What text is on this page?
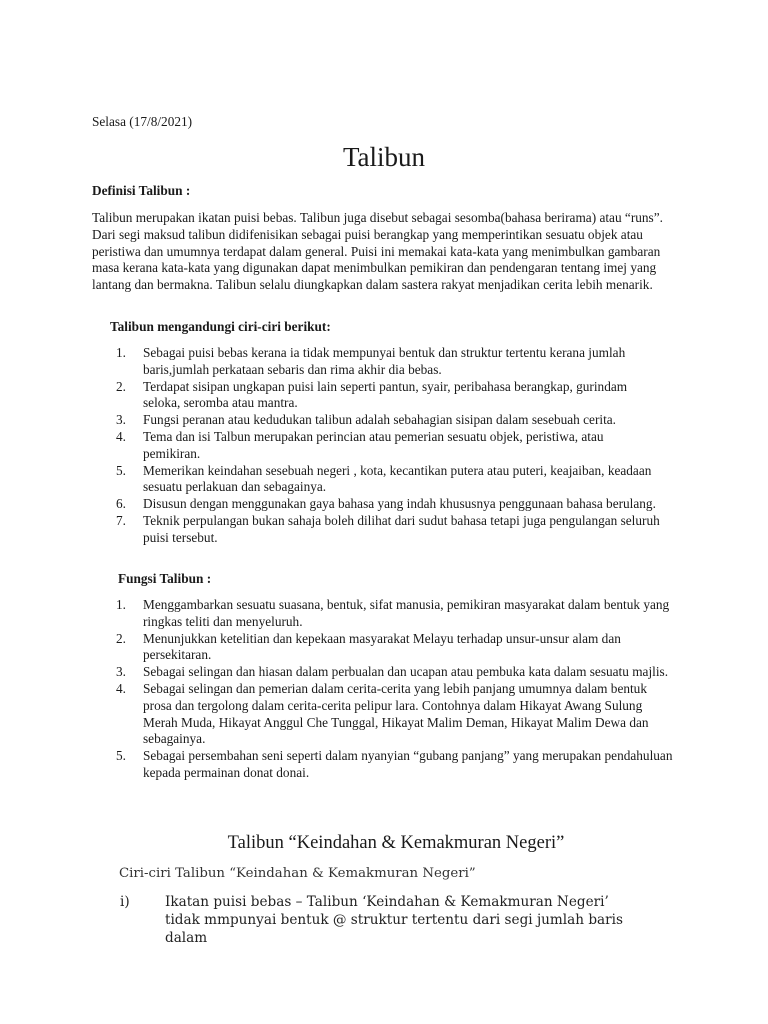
Selasa (17/8/2021)
Talibun
Definisi Talibun :

Talibun merupakan ikatan puisi bebas. Talibun juga disebut sebagai sesomba(bahasa berirama) atau “runs”. Dari segi maksud talibun didifenisikan sebagai puisi berangkap yang memperintikan sesuatu objek atau peristiwa dan umumnya terdapat dalam general. Puisi ini memakai kata-kata yang menimbulkan gambaran masa kerana kata-kata yang digunakan dapat menimbulkan pemikiran dan pendengaran tentang imej yang lantang dan bermakna. Talibun selalu diungkapkan dalam sastera rakyat menjadikan cerita lebih menarik.

Talibun mengandungi ciri-ciri berikut:
1.	Sebagai puisi bebas kerana ia tidak mempunyai bentuk dan struktur tertentu kerana jumlah baris,jumlah perkataan sebaris dan rima akhir dia bebas.
2.	Terdapat sisipan ungkapan puisi lain seperti pantun, syair, peribahasa berangkap, gurindam seloka, seromba atau mantra.
3.	Fungsi peranan atau kedudukan talibun adalah sebahagian sisipan dalam sesebuah cerita.
4.	Tema dan isi Talbun merupakan perincian atau pemerian sesuatu objek, peristiwa, atau pemikiran.
5.	Memerikan keindahan sesebuah negeri , kota, kecantikan putera atau puteri, keajaiban, keadaan sesuatu perlakuan dan sebagainya.
6.	Disusun dengan menggunakan gaya bahasa yang indah khususnya penggunaan bahasa berulang.
7.	Teknik perpulangan bukan sahaja boleh dilihat dari sudut bahasa tetapi juga pengulangan seluruh puisi tersebut.
Fungsi Talibun :
1.	Menggambarkan sesuatu suasana, bentuk, sifat manusia, pemikiran masyarakat dalam bentuk yang ringkas teliti dan menyeluruh.
2.	Menunjukkan ketelitian dan kepekaan masyarakat Melayu terhadap unsur-unsur alam dan persekitaran.
3.	Sebagai selingan dan hiasan dalam perbualan dan ucapan atau pembuka kata dalam sesuatu majlis.
4.	Sebagai selingan dan pemerian dalam cerita-cerita yang lebih panjang umumnya dalam bentuk prosa dan tergolong dalam cerita-cerita pelipur lara. Contohnya dalam Hikayat Awang Sulung Merah Muda, Hikayat Anggul Che Tunggal, Hikayat Malim Deman, Hikayat Malim Dewa dan sebagainya.
5.	Sebagai persembahan seni seperti dalam nyanyian “gubang panjang” yang merupakan pendahuluan kepada permainan donat donai.
Talibun “Keindahan & Kemakmuran Negeri”
Ciri-ciri Talibun “Keindahan & Kemakmuran Negeri”
i)	Ikatan puisi bebas – Talibun ‘Keindahan & Kemakmuran Negeri’ tidak mmpunyai bentuk @ struktur tertentu dari segi jumlah baris dalam
